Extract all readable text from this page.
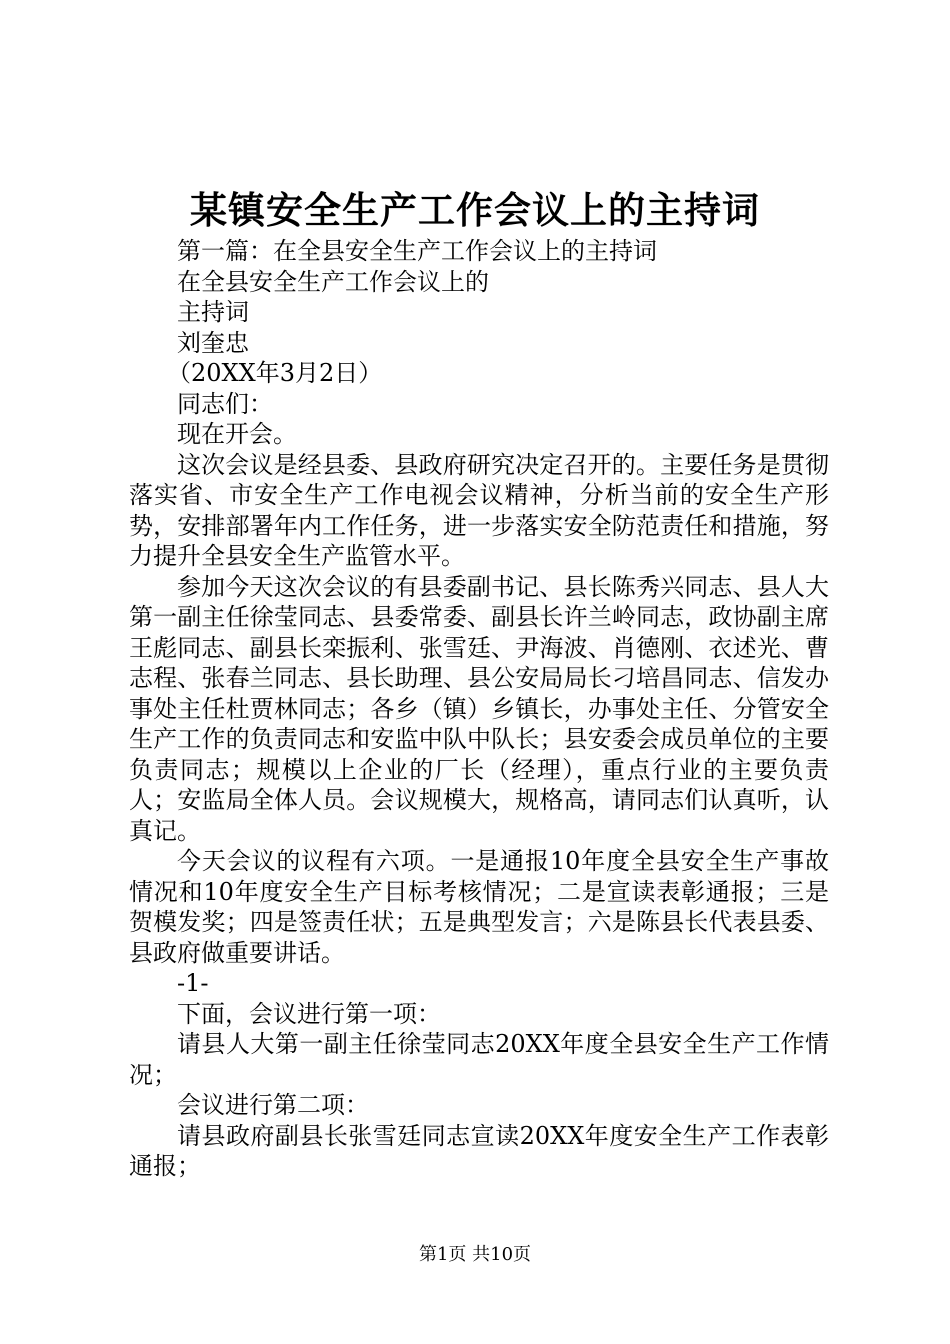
某镇安全生产工作会议上的主持词

第一篇：在全县安全生产工作会议上的主持词

在全县安全生产工作会议上的

主持词

刘奎忠

（20XX年3月2日）

同志们：

现在开会。

这次会议是经县委、县政府研究决定召开的。主要任务是贯彻落实省、市安全生产工作电视会议精神，分析当前的安全生产形势，安排部署年内工作任务，进一步落实安全防范责任和措施，努力提升全县安全生产监管水平。

参加今天这次会议的有县委副书记、县长陈秀兴同志、县人大第一副主任徐莹同志、县委常委、副县长许兰岭同志，政协副主席王彪同志、副县长栾振利、张雪廷、尹海波、肖德刚、衣述光、曹志程、张春兰同志、县长助理、县公安局局长刁培昌同志、信发办事处主任杜贾林同志；各乡（镇）乡镇长，办事处主任、分管安全生产工作的负责同志和安监中队中队长；县安委会成员单位的主要负责同志；规模以上企业的厂长（经理），重点行业的主要负责人；安监局全体人员。会议规模大，规格高，请同志们认真听，认真记。

今天会议的议程有六项。一是通报10年度全县安全生产事故情况和10年度安全生产目标考核情况；二是宣读表彰通报；三是贺模发奖；四是签责任状；五是典型发言；六是陈县长代表县委、县政府做重要讲话。

-1-

下面，会议进行第一项：

请县人大第一副主任徐莹同志20XX年度全县安全生产工作情况；

会议进行第二项：

请县政府副县长张雪廷同志宣读20XX年度安全生产工作表彰通报；

第1页 共10页
